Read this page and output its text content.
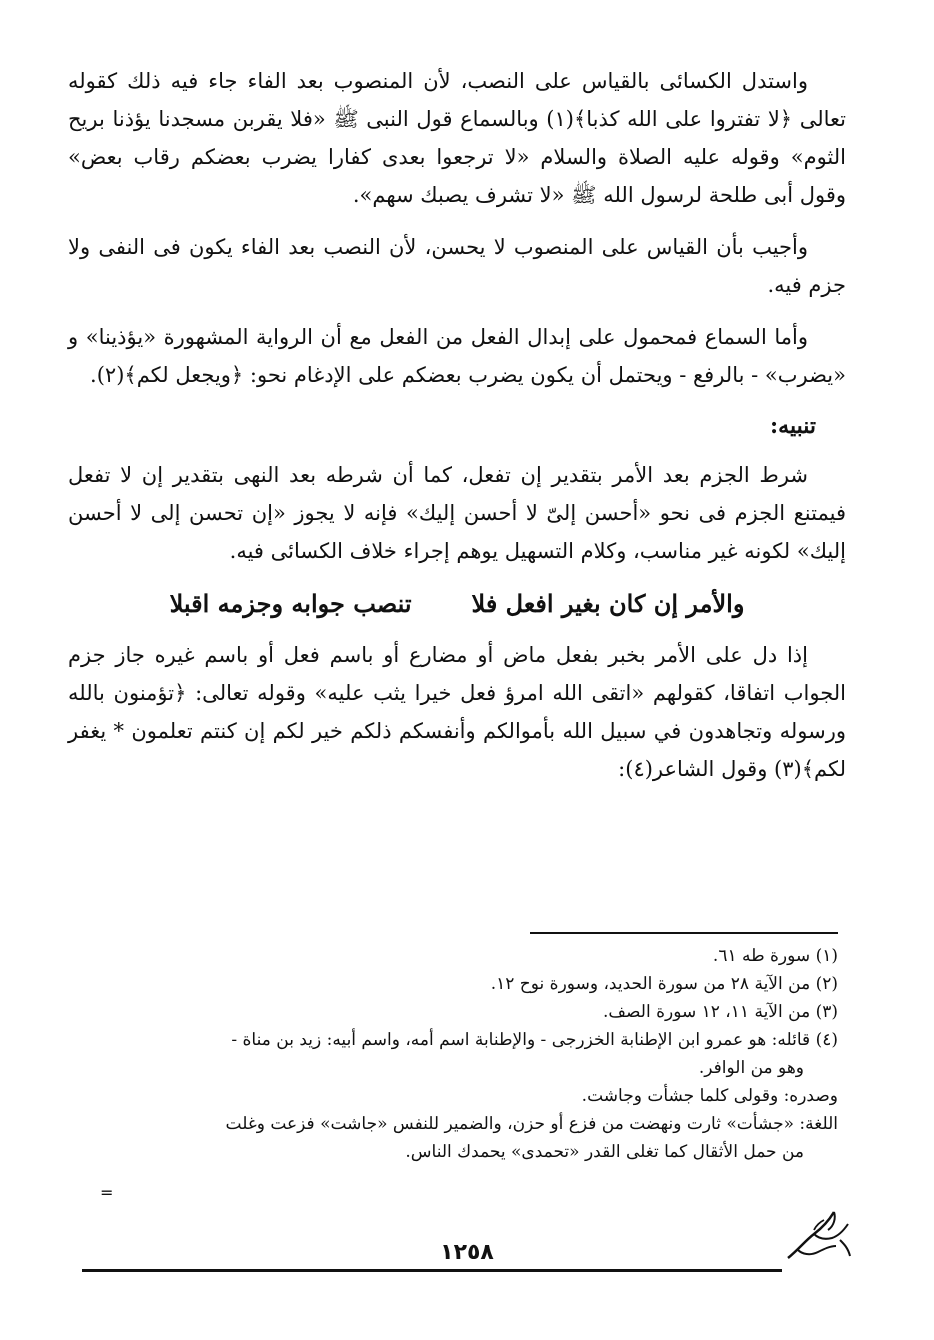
واستدل الكسائى بالقياس على النصب، لأن المنصوب بعد الفاء جاء فيه ذلك كقوله تعالى ﴿لا تفتروا على الله كذبا﴾(١) وبالسماع قول النبى ﷺ «فلا يقربن مسجدنا يؤذنا بريح الثوم» وقوله عليه الصلاة والسلام «لا ترجعوا بعدى كفارا يضرب بعضكم رقاب بعض» وقول أبى طلحة لرسول الله ﷺ «لا تشرف يصبك سهم».

وأجيب بأن القياس على المنصوب لا يحسن، لأن النصب بعد الفاء يكون فى النفى ولا جزم فيه.

وأما السماع فمحمول على إبدال الفعل من الفعل مع أن الرواية المشهورة «يؤذينا» و «يضرب» - بالرفع - ويحتمل أن يكون يضرب بعضكم على الإدغام نحو: ﴿ويجعل لكم﴾(٢).

تنبيه:

شرط الجزم بعد الأمر بتقدير إن تفعل، كما أن شرطه بعد النهى بتقدير إن لا تفعل فيمتنع الجزم فى نحو «أحسن إلىّ لا أحسن إليك» فإنه لا يجوز «إن تحسن إلى لا أحسن إليك» لكونه غير مناسب، وكلام التسهيل يوهم إجراء خلاف الكسائى فيه.

والأمر إن كان بغير افعل فلا
تنصب جوابه وجزمه اقبلا

إذا دل على الأمر بخبر بفعل ماض أو مضارع أو باسم فعل أو باسم غيره جاز جزم الجواب اتفاقا، كقولهم «اتقى الله امرؤ فعل خيرا يثب عليه» وقوله تعالى: ﴿تؤمنون بالله ورسوله وتجاهدون في سبيل الله بأموالكم وأنفسكم ذلكم خير لكم إن كنتم تعلمون * يغفر لكم﴾(٣) وقول الشاعر(٤):

(١) سورة طه ٦١.

(٢) من الآية ٢٨ من سورة الحديد، وسورة نوح ١٢.

(٣) من الآية ١١، ١٢ سورة الصف.

(٤) قائله: هو عمرو ابن الإطنابة الخزرجى - والإطنابة اسم أمه، واسم أبيه: زيد بن مناة -

وهو من الوافر.

وصدره: وقولى كلما جشأت وجاشت.

اللغة: «جشأت» ثارت ونهضت من فزع أو حزن، والضمير للنفس «جاشت» فزعت وغلت

من حمل الأثقال كما تغلى القدر «تحمدى» يحمدك الناس.

=
١٢٥٨
